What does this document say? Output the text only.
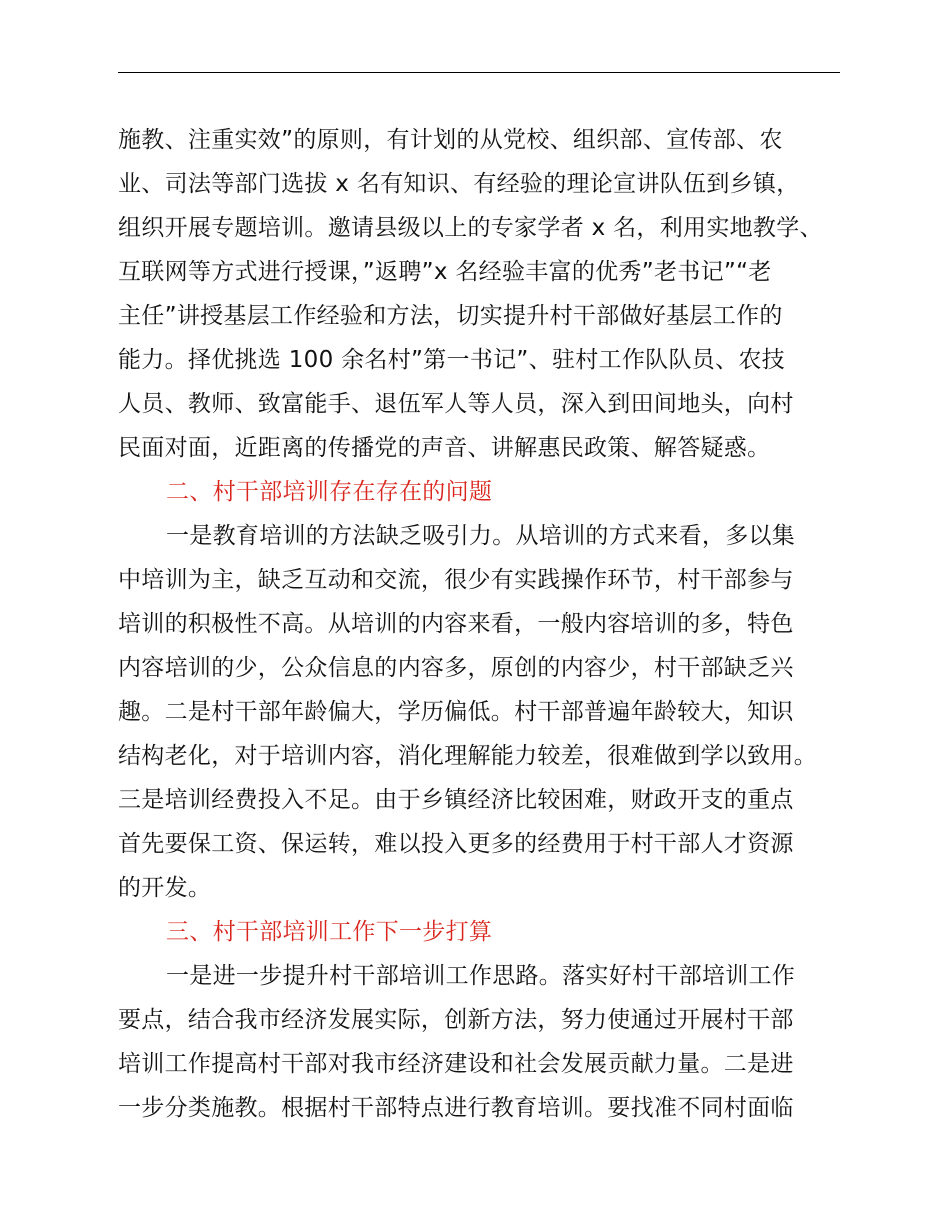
施教、注重实效”的原则，有计划的从党校、组织部、宣传部、农
业、司法等部门选拔 x 名有知识、有经验的理论宣讲队伍到乡镇，
组织开展专题培训。邀请县级以上的专家学者 x 名，利用实地教学、
互联网等方式进行授课，”返聘”x 名经验丰富的优秀”老书记”“老
主任”讲授基层工作经验和方法，切实提升村干部做好基层工作的
能力。择优挑选 100 余名村”第一书记”、驻村工作队队员、农技
人员、教师、致富能手、退伍军人等人员，深入到田间地头，向村
民面对面，近距离的传播党的声音、讲解惠民政策、解答疑惑。
二、村干部培训存在存在的问题
一是教育培训的方法缺乏吸引力。从培训的方式来看，多以集
中培训为主，缺乏互动和交流，很少有实践操作环节，村干部参与
培训的积极性不高。从培训的内容来看，一般内容培训的多，特色
内容培训的少，公众信息的内容多，原创的内容少，村干部缺乏兴
趣。二是村干部年龄偏大，学历偏低。村干部普遍年龄较大，知识
结构老化，对于培训内容，消化理解能力较差，很难做到学以致用。
三是培训经费投入不足。由于乡镇经济比较困难，财政开支的重点
首先要保工资、保运转，难以投入更多的经费用于村干部人才资源
的开发。
三、村干部培训工作下一步打算
一是进一步提升村干部培训工作思路。落实好村干部培训工作
要点，结合我市经济发展实际，创新方法，努力使通过开展村干部
培训工作提高村干部对我市经济建设和社会发展贡献力量。二是进
一步分类施教。根据村干部特点进行教育培训。要找准不同村面临
